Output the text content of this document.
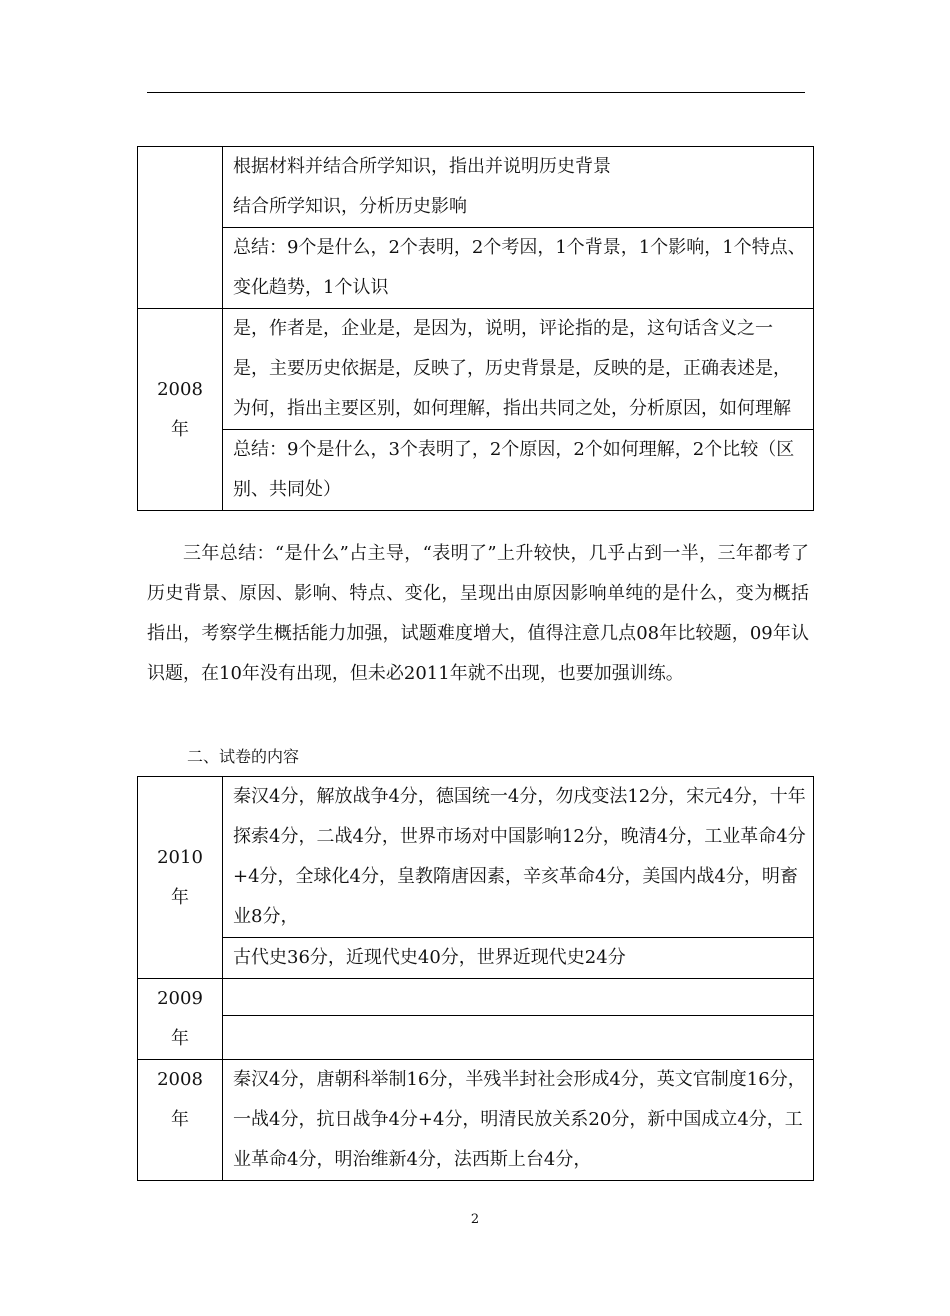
	根据材料并结合所学知识，指出并说明历史背景
结合所学知识，分析历史影响

	总结：9个是什么，2个表明，2个考因，1个背景，1个影响，1个特点、变化趋势，1个认识

2008
年	是，作者是，企业是，是因为，说明，评论指的是，这句话含义之一是，主要历史依据是，反映了，历史背景是，反映的是，正确表述是，为何，指出主要区别，如何理解，指出共同之处，分析原因，如何理解
	总结：9个是什么，3个表明了，2个原因，2个如何理解，2个比较（区别、共同处）

三年总结：“是什么”占主导，“表明了”上升较快，几乎占到一半，三年都考了历史背景、原因、影响、特点、变化，呈现出由原因影响单纯的是什么，变为概括指出，考察学生概括能力加强，试题难度增大，值得注意几点08年比较题，09年认识题，在10年没有出现，但未必2011年就不出现，也要加强训练。

二、试卷的内容

2010
年	秦汉4分，解放战争4分，德国统一4分，勿戌变法12分，宋元4分，十年探索4分，二战4分，世界市场对中国影响12分，晚清4分，工业革命4分+4分，全球化4分，皇教隋唐因素，辛亥革命4分，美国内战4分，明畜业8分，
	古代史36分，近现代史40分，世界近现代史24分

2009
年	

2008
年	秦汉4分，唐朝科举制16分，半残半封社会形成4分，英文官制度16分，一战4分，抗日战争4分+4分，明清民放关系20分，新中国成立4分，工业革命4分，明治维新4分，法西斯上台4分，
2
